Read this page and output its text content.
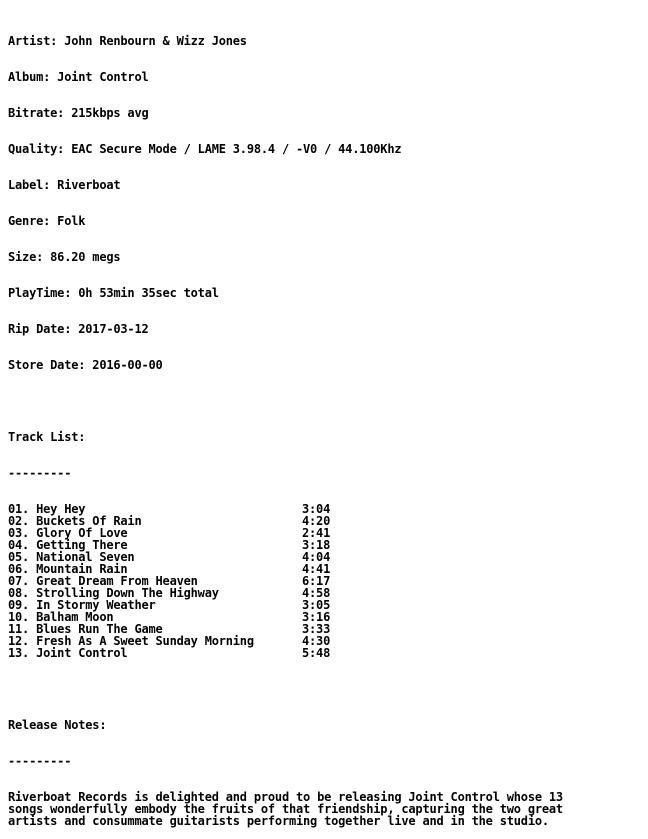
Artist: John Renbourn & Wizz Jones

Album: Joint Control

Bitrate: 215kbps avg

Quality: EAC Secure Mode / LAME 3.98.4 / -V0 / 44.100Khz

Label: Riverboat

Genre: Folk

Size: 86.20 megs

PlayTime: 0h 53min 35sec total

Rip Date: 2017-03-12

Store Date: 2016-00-00

Track List:

---------

01. Hey Hey	3:04
02. Buckets Of Rain	4:20
03. Glory Of Love	2:41
04. Getting There	3:18
05. National Seven	4:04
06. Mountain Rain	4:41
07. Great Dream From Heaven	6:17
08. Strolling Down The Highway	4:58
09. In Stormy Weather	3:05
10. Balham Moon	3:16
11. Blues Run The Game	3:33
12. Fresh As A Sweet Sunday Morning	4:30
13. Joint Control	5:48

Release Notes:

---------

Riverboat Records is delighted and proud to be releasing Joint Control whose 13
songs wonderfully embody the fruits of that friendship, capturing the two great
artists and consummate guitarists performing together live and in the studio.
